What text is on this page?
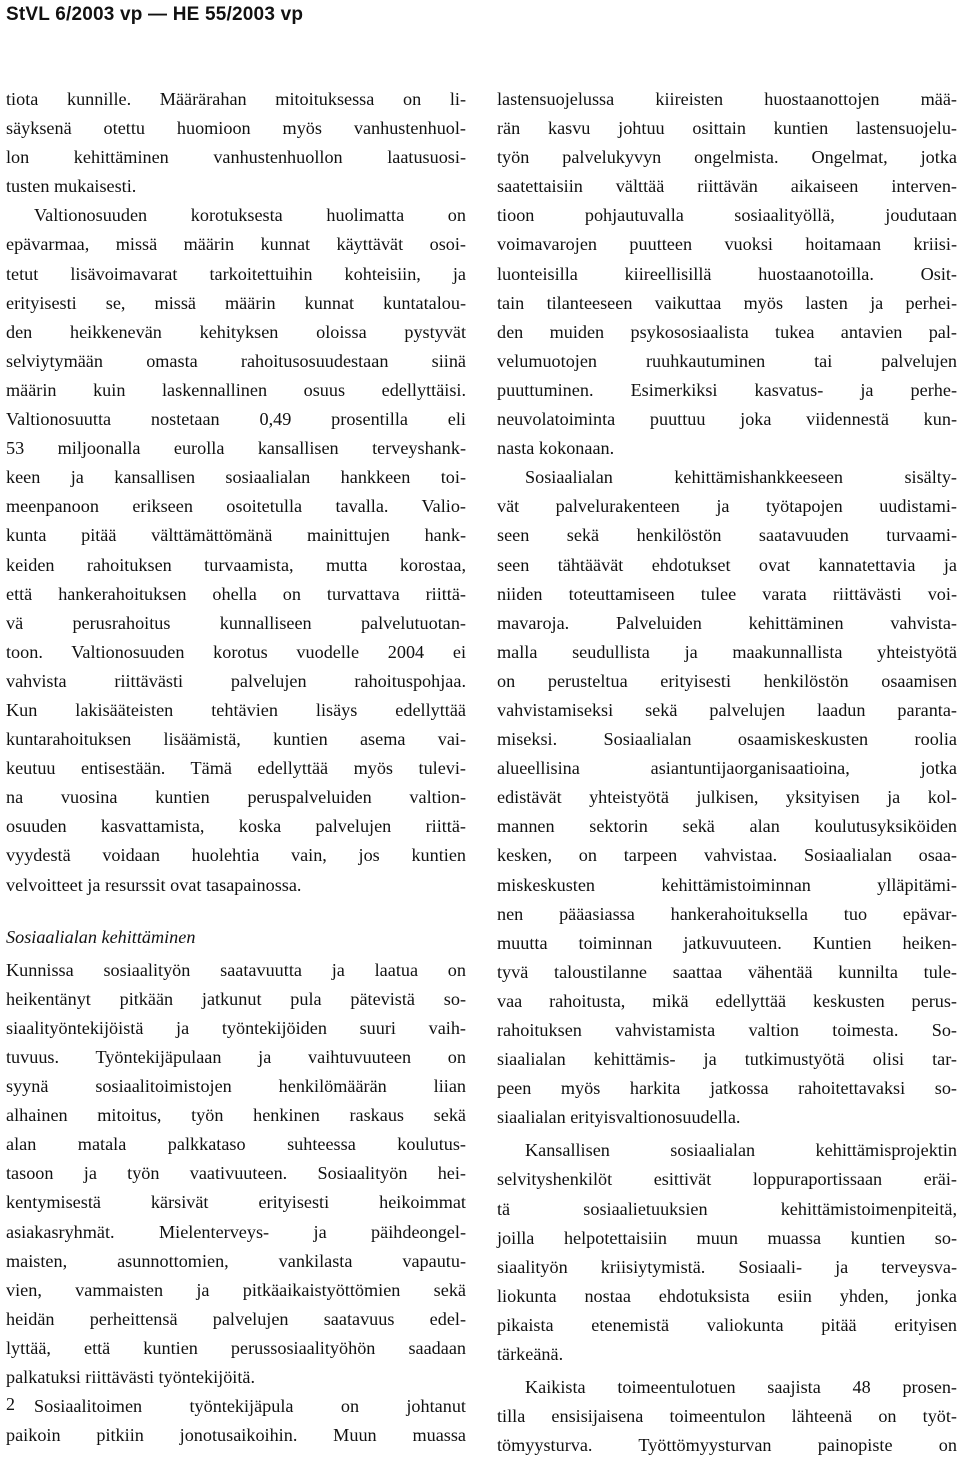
StVL 6/2003 vp — HE 55/2003 vp
tiota kunnille. Määrärahan mitoituksessa on li-
säyksenä otettu huomioon myös vanhustenhuol-
lon kehittäminen vanhustenhuollon laatusuosi-
tusten mukaisesti.
Valtionosuuden korotuksesta huolimatta on
epävarmaa, missä määrin kunnat käyttävät osoi-
tetut lisävoimavarat tarkoitettuihin kohteisiin, ja
erityisesti se, missä määrin kunnat kuntatalou-
den heikkenevän kehityksen oloissa pystyvät
selviytymään omasta rahoitusosuudestaan siinä
määrin kuin laskennallinen osuus edellyttäisi.
Valtionosuutta nostetaan 0,49 prosentilla eli
53 miljoonalla eurolla kansallisen terveyshank-
keen ja kansallisen sosiaalialan hankkeen toi-
meenpanoon erikseen osoitetulla tavalla. Valio-
kunta pitää välttämättömänä mainittujen hank-
keiden rahoituksen turvaamista, mutta korostaa,
että hankerahoituksen ohella on turvattava riittä-
vä perusrahoitus kunnalliseen palvelutuotan-
toon. Valtionosuuden korotus vuodelle 2004 ei
vahvista riittävästi palvelujen rahoituspohjaa.
Kun lakisääteisten tehtävien lisäys edellyttää
kuntarahoituksen lisäämistä, kuntien asema vai-
keutuu entisestään. Tämä edellyttää myös tulevi-
na vuosina kuntien peruspalveluiden valtion-
osuuden kasvattamista, koska palvelujen riittä-
vyydestä voidaan huolehtia vain, jos kuntien
velvoitteet ja resurssit ovat tasapainossa.
Sosiaalialan kehittäminen
Kunnissa sosiaalityön saatavuutta ja laatua on
heikentänyt pitkään jatkunut pula pätevistä so-
siaalityöntekijöistä ja työntekijöiden suuri vaih-
tuvuus. Työntekijäpulaan ja vaihtuvuuteen on
syynä sosiaalitoimistojen henkilömäärän liian
alhainen mitoitus, työn henkinen raskaus sekä
alan matala palkkataso suhteessa koulutus-
tasoon ja työn vaativuuteen. Sosiaalityön hei-
kentymisestä kärsivät erityisesti heikoimmat
asiakasryhmät. Mielenterveys- ja päihdeongel-
maisten, asunnottomien, vankilasta vapautu-
vien, vammaisten ja pitkäaikaistyöttömien sekä
heidän perheittensä palvelujen saatavuus edel-
lyttää, että kuntien perussosiaalityöhön saadaan
palkatuksi riittävästi työntekijöitä.
Sosiaalitoimen työntekijäpula on johtanut
paikoin pitkiin jonotusaikoihin. Muun muassa
lastensuojelussa kiireisten huostaanottojen mää-
rän kasvu johtuu osittain kuntien lastensuojelu-
työn palvelukyvyn ongelmista. Ongelmat, jotka
saatettaisiin välttää riittävän aikaiseen interven-
tioon pohjautuvalla sosiaalityöllä, joudutaan
voimavarojen puutteen vuoksi hoitamaan kriisi-
luonteisilla kiireellisillä huostaanotoilla. Osit-
tain tilanteeseen vaikuttaa myös lasten ja perhei-
den muiden psykososiaalista tukea antavien pal-
velumuotojen ruuhkautuminen tai palvelujen
puuttuminen. Esimerkiksi kasvatus- ja perhe-
neuvolatoiminta puuttuu joka viidennestä kun-
nasta kokonaan.
Sosiaalialan kehittämishankkeeseen sisälty-
vät palvelurakenteen ja työtapojen uudistami-
seen sekä henkilöstön saatavuuden turvaami-
seen tähtäävät ehdotukset ovat kannatettavia ja
niiden toteuttamiseen tulee varata riittävästi voi-
mavaroja. Palveluiden kehittäminen vahvista-
malla seudullista ja maakunnallista yhteistyötä
on perusteltua erityisesti henkilöstön osaamisen
vahvistamiseksi sekä palvelujen laadun paranta-
miseksi. Sosiaalialan osaamiskeskusten roolia
alueellisina asiantuntijaorganisaatioina, jotka
edistävät yhteistyötä julkisen, yksityisen ja kol-
mannen sektorin sekä alan koulutusyksiköiden
kesken, on tarpeen vahvistaa. Sosiaalialan osaa-
miskeskusten kehittämistoiminnan ylläpitämi-
nen pääasiassa hankerahoituksella tuo epävar-
muutta toiminnan jatkuvuuteen. Kuntien heiken-
tyvä taloustilanne saattaa vähentää kunnilta tule-
vaa rahoitusta, mikä edellyttää keskusten perus-
rahoituksen vahvistamista valtion toimesta. So-
siaalialan kehittämis- ja tutkimustyötä olisi tar-
peen myös harkita jatkossa rahoitettavaksi so-
siaalialan erityisvaltionosuudella.
Kansallisen sosiaalialan kehittämisprojektin
selvityshenkilöt esittivät loppuraportissaan eräi-
tä sosiaalietuuksien kehittämistoimenpiteitä,
joilla helpotettaisiin muun muassa kuntien so-
siaalityön kriisiytymistä. Sosiaali- ja terveysva-
liokunta nostaa ehdotuksista esiin yhden, jonka
pikaista etenemistä valiokunta pitää erityisen
tärkeänä.
Kaikista toimeentulotuen saajista 48 prosen-
tilla ensisijaisena toimeentulon lähteenä on työt-
tömyysturva. Työttömyysturvan painopiste on
2
